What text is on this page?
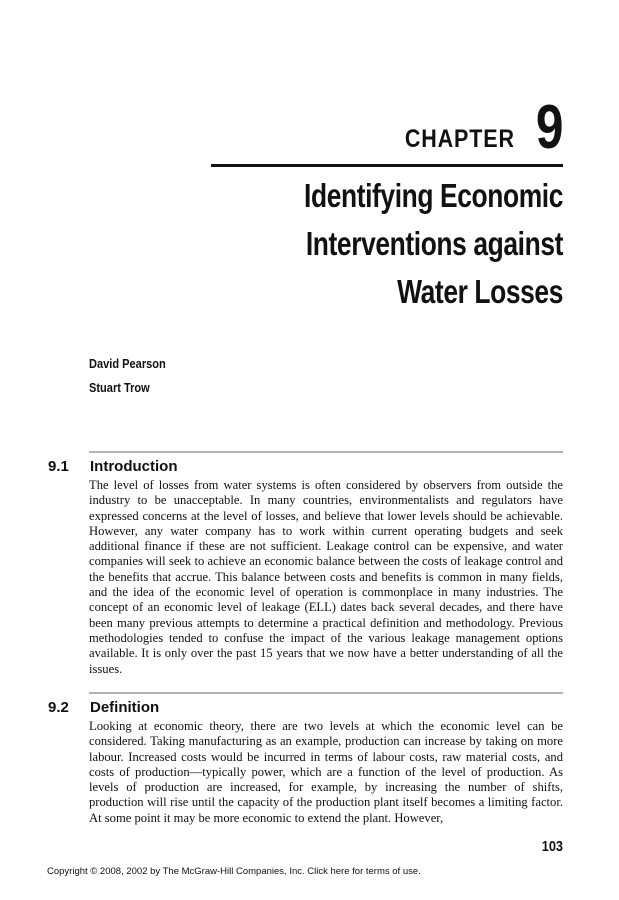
CHAPTER 9
Identifying Economic
Interventions against
Water Losses
David Pearson
Stuart Trow
9.1	Introduction

The level of losses from water systems is often considered by observers from outside the industry to be unacceptable. In many countries, environmentalists and regulators have expressed concerns at the level of losses, and believe that lower levels should be achievable. However, any water company has to work within current operating budgets and seek additional finance if these are not sufficient. Leakage control can be expensive, and water companies will seek to achieve an economic balance between the costs of leakage control and the benefits that accrue. This balance between costs and benefits is common in many fields, and the idea of the economic level of operation is commonplace in many industries. The concept of an economic level of leakage (ELL) dates back several decades, and there have been many previous attempts to determine a practical definition and methodology. Previous methodologies tended to confuse the impact of the various leakage management options available. It is only over the past 15 years that we now have a better understanding of all the issues.

9.2	Definition

Looking at economic theory, there are two levels at which the economic level can be considered. Taking manufacturing as an example, production can increase by taking on more labour. Increased costs would be incurred in terms of labour costs, raw material costs, and costs of production—typically power, which are a function of the level of production. As levels of production are increased, for example, by increasing the number of shifts, production will rise until the capacity of the production plant itself becomes a limiting factor. At some point it may be more economic to extend the plant. However,

103
Copyright © 2008, 2002 by The McGraw-Hill Companies, Inc. Click here for terms of use.
